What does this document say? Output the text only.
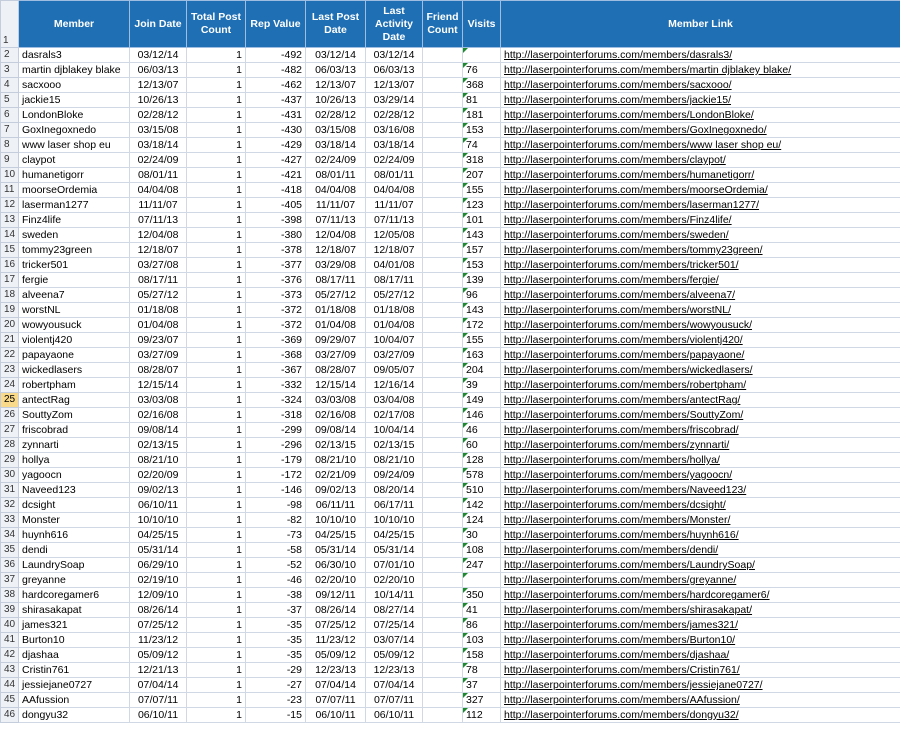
1	Member	Join Date	Total Post Count	Rep Value	Last Post Date	Last Activity Date	Friend Count	Visits	Member Link
2	dasrals3	03/12/14	1	-492	03/12/14	03/12/14			http://laserpointerforums.com/members/dasrals3/
3	martin djblakey blake	06/03/13	1	-482	06/03/13	06/03/13		76	http://laserpointerforums.com/members/martin djblakey blake/
4	sacxooo	12/13/07	1	-462	12/13/07	12/13/07		368	http://laserpointerforums.com/members/sacxooo/
5	jackie15	10/26/13	1	-437	10/26/13	03/29/14		81	http://laserpointerforums.com/members/jackie15/
6	LondonBloke	02/28/12	1	-431	02/28/12	02/28/12		181	http://laserpointerforums.com/members/LondonBloke/
7	GoxInegoxnedo	03/15/08	1	-430	03/15/08	03/16/08		153	http://laserpointerforums.com/members/GoxInegoxnedo/
8	www laser shop eu	03/18/14	1	-429	03/18/14	03/18/14		74	http://laserpointerforums.com/members/www laser shop eu/
9	claypot	02/24/09	1	-427	02/24/09	02/24/09		318	http://laserpointerforums.com/members/claypot/
10	humanetigorr	08/01/11	1	-421	08/01/11	08/01/11		207	http://laserpointerforums.com/members/humanetigorr/
11	moorseOrdemia	04/04/08	1	-418	04/04/08	04/04/08		155	http://laserpointerforums.com/members/moorseOrdemia/
12	laserman1277	11/11/07	1	-405	11/11/07	11/11/07		123	http://laserpointerforums.com/members/laserman1277/
13	Finz4life	07/11/13	1	-398	07/11/13	07/11/13		101	http://laserpointerforums.com/members/Finz4life/
14	sweden	12/04/08	1	-380	12/04/08	12/05/08		143	http://laserpointerforums.com/members/sweden/
15	tommy23green	12/18/07	1	-378	12/18/07	12/18/07		157	http://laserpointerforums.com/members/tommy23green/
16	tricker501	03/27/08	1	-377	03/29/08	04/01/08		153	http://laserpointerforums.com/members/tricker501/
17	fergie	08/17/11	1	-376	08/17/11	08/17/11		139	http://laserpointerforums.com/members/fergie/
18	alveena7	05/27/12	1	-373	05/27/12	05/27/12		96	http://laserpointerforums.com/members/alveena7/
19	worstNL	01/18/08	1	-372	01/18/08	01/18/08		143	http://laserpointerforums.com/members/worstNL/
20	wowyousuck	01/04/08	1	-372	01/04/08	01/04/08		172	http://laserpointerforums.com/members/wowyousuck/
21	violentj420	09/23/07	1	-369	09/29/07	10/04/07		155	http://laserpointerforums.com/members/violentj420/
22	papayaone	03/27/09	1	-368	03/27/09	03/27/09		163	http://laserpointerforums.com/members/papayaone/
23	wickedlasers	08/28/07	1	-367	08/28/07	09/05/07		204	http://laserpointerforums.com/members/wickedlasers/
24	robertpham	12/15/14	1	-332	12/15/14	12/16/14		39	http://laserpointerforums.com/members/robertpham/
25	antectRag	03/03/08	1	-324	03/03/08	03/04/08		149	http://laserpointerforums.com/members/antectRag/
26	SouttyZom	02/16/08	1	-318	02/16/08	02/17/08		146	http://laserpointerforums.com/members/SouttyZom/
27	friscobrad	09/08/14	1	-299	09/08/14	10/04/14		46	http://laserpointerforums.com/members/friscobrad/
28	zynnarti	02/13/15	1	-296	02/13/15	02/13/15		60	http://laserpointerforums.com/members/zynnarti/
29	hollya	08/21/10	1	-179	08/21/10	08/21/10		128	http://laserpointerforums.com/members/hollya/
30	yagoocn	02/20/09	1	-172	02/21/09	09/24/09		578	http://laserpointerforums.com/members/yagoocn/
31	Naveed123	09/02/13	1	-146	09/02/13	08/20/14		510	http://laserpointerforums.com/members/Naveed123/
32	dcsight	06/10/11	1	-98	06/11/11	06/17/11		142	http://laserpointerforums.com/members/dcsight/
33	Monster	10/10/10	1	-82	10/10/10	10/10/10		124	http://laserpointerforums.com/members/Monster/
34	huynh616	04/25/15	1	-73	04/25/15	04/25/15		30	http://laserpointerforums.com/members/huynh616/
35	dendi	05/31/14	1	-58	05/31/14	05/31/14		108	http://laserpointerforums.com/members/dendi/
36	LaundrySoap	06/29/10	1	-52	06/30/10	07/01/10		247	http://laserpointerforums.com/members/LaundrySoap/
37	greyanne	02/19/10	1	-46	02/20/10	02/20/10			http://laserpointerforums.com/members/greyanne/
38	hardcoregamer6	12/09/10	1	-38	09/12/11	10/14/11		350	http://laserpointerforums.com/members/hardcoregamer6/
39	shirasakapat	08/26/14	1	-37	08/26/14	08/27/14		41	http://laserpointerforums.com/members/shirasakapat/
40	james321	07/25/12	1	-35	07/25/12	07/25/14		86	http://laserpointerforums.com/members/james321/
41	Burton10	11/23/12	1	-35	11/23/12	03/07/14		103	http://laserpointerforums.com/members/Burton10/
42	djashaa	05/09/12	1	-35	05/09/12	05/09/12		158	http://laserpointerforums.com/members/djashaa/
43	Cristin761	12/21/13	1	-29	12/23/13	12/23/13		78	http://laserpointerforums.com/members/Cristin761/
44	jessiejane0727	07/04/14	1	-27	07/04/14	07/04/14		37	http://laserpointerforums.com/members/jessiejane0727/
45	AAfussion	07/07/11	1	-23	07/07/11	07/07/11		327	http://laserpointerforums.com/members/AAfussion/
46	dongyu32	06/10/11	1	-15	06/10/11	06/10/11		112	http://laserpointerforums.com/members/dongyu32/
